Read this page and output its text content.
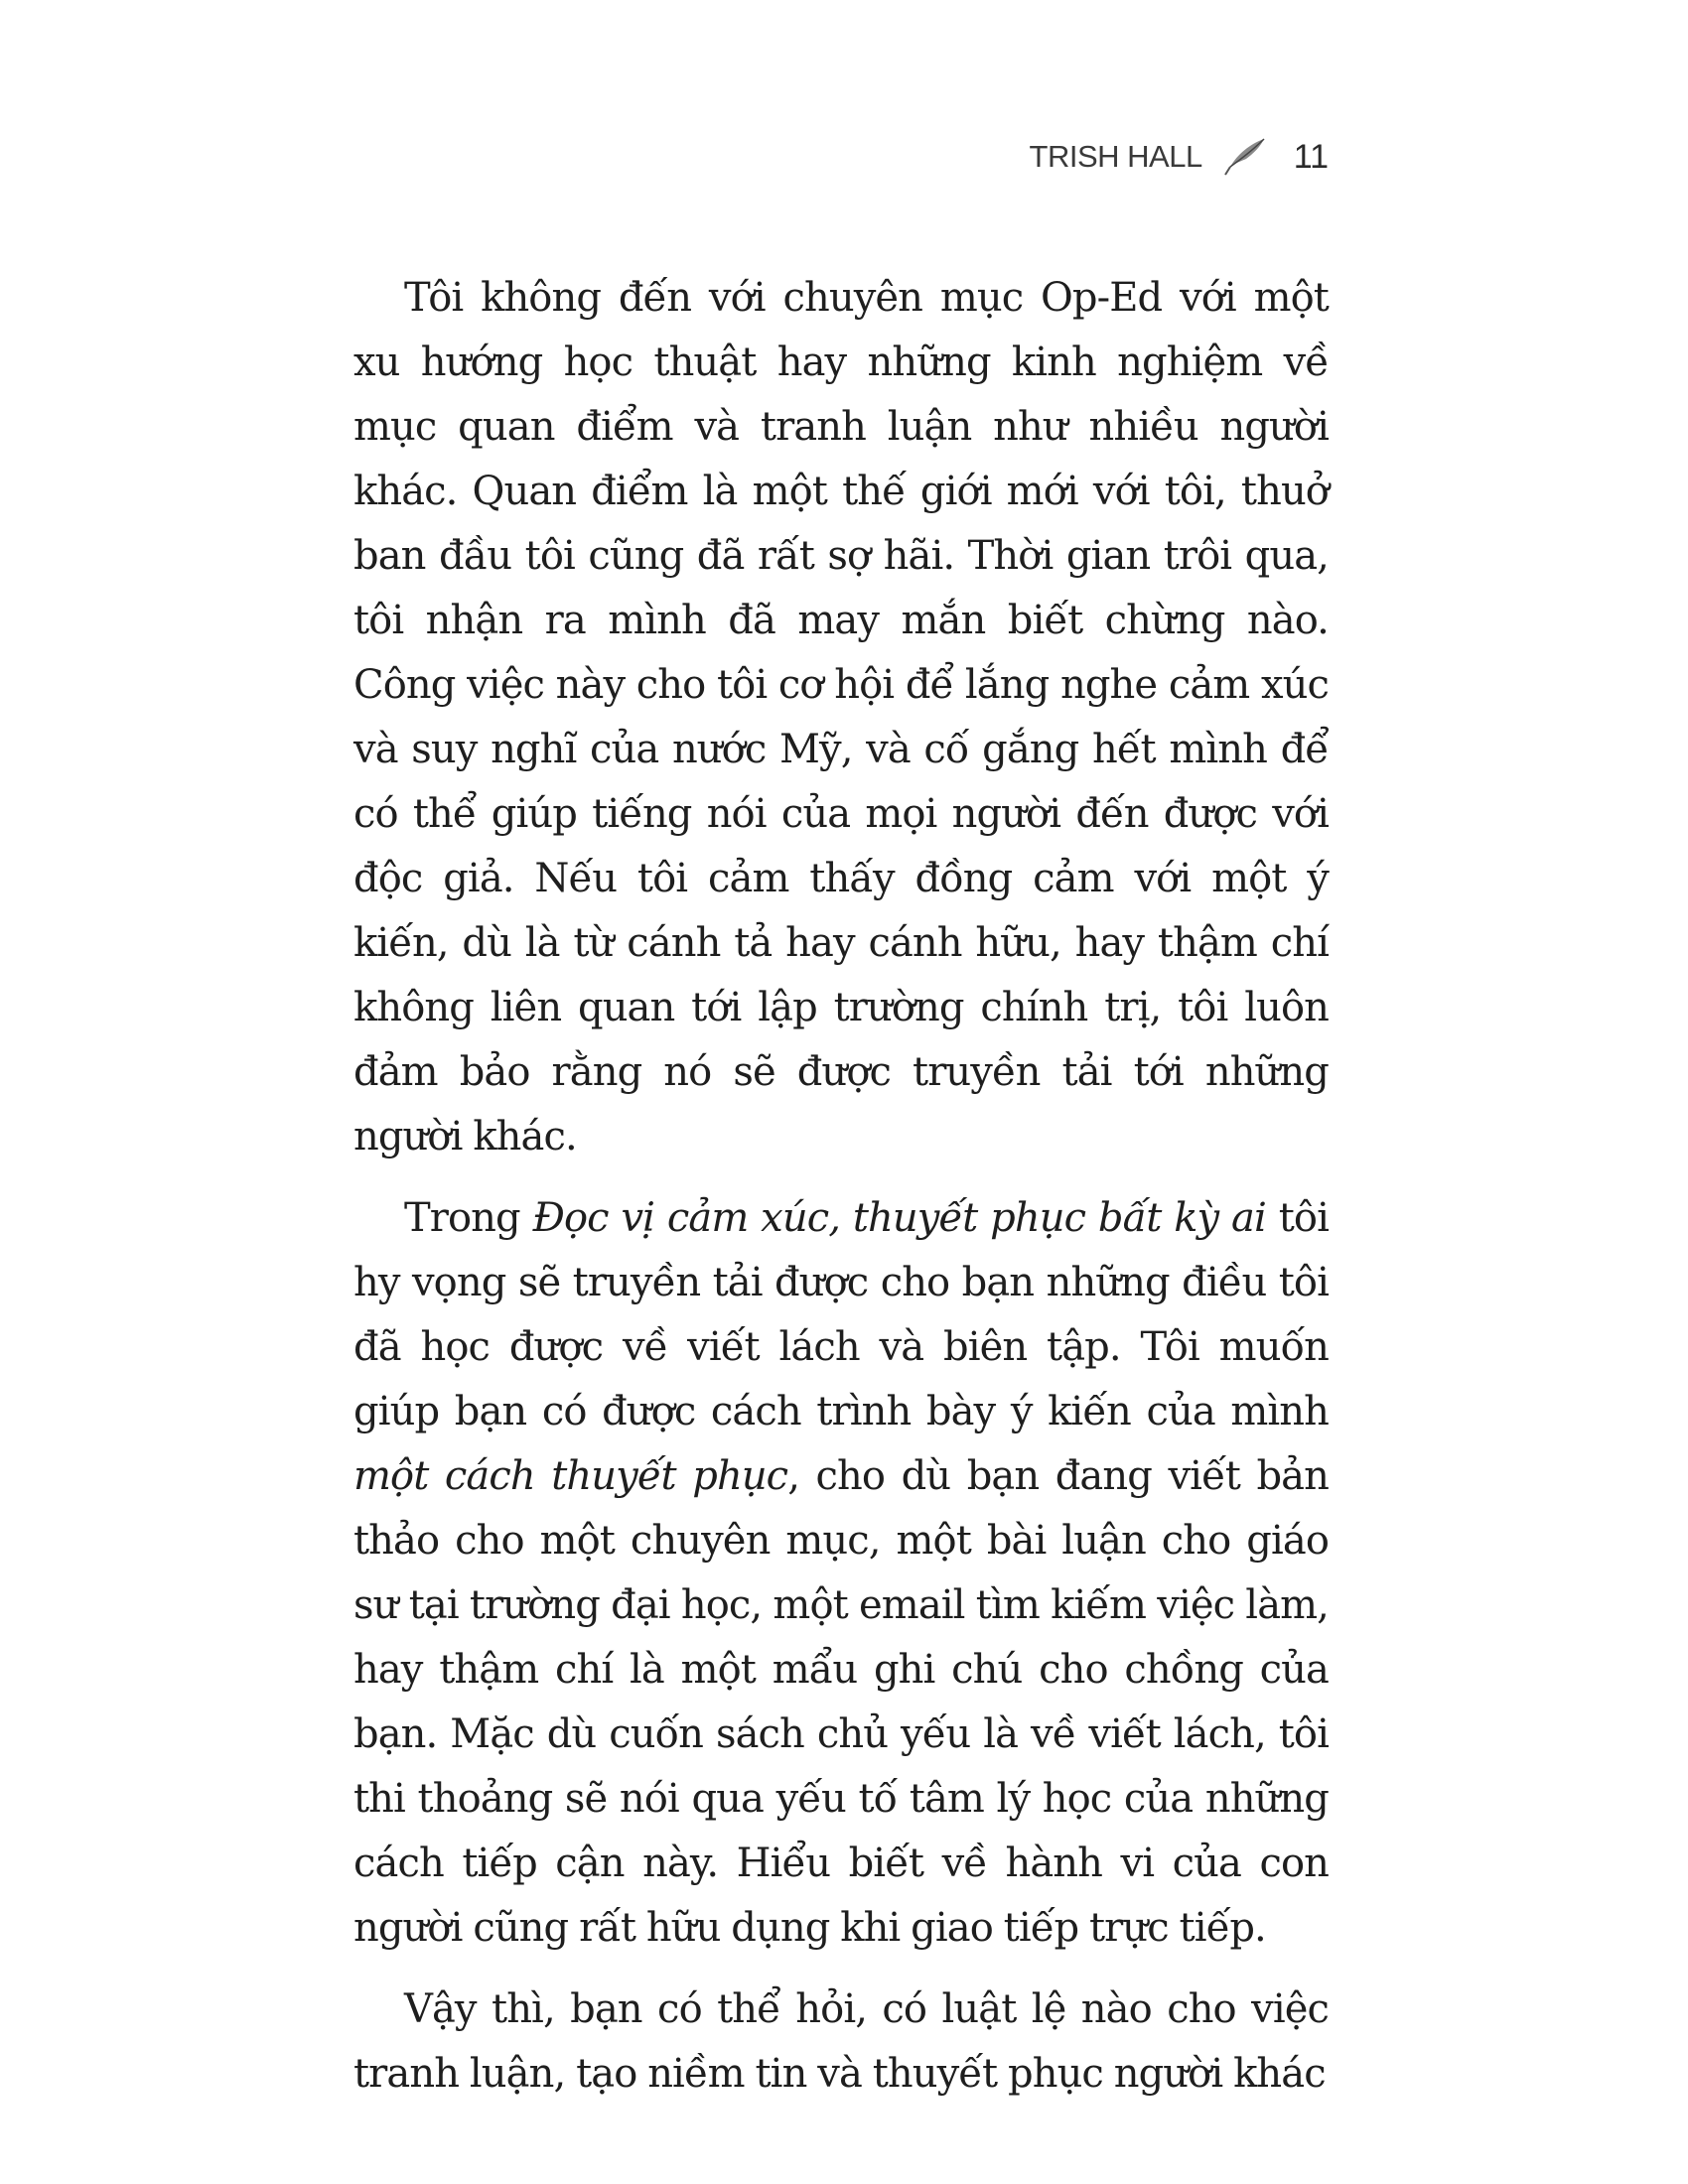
TRISH HALL	11

Tôi không đến với chuyên mục Op-Ed với một xu hướng học thuật hay những kinh nghiệm về mục quan điểm và tranh luận như nhiều người khác. Quan điểm là một thế giới mới với tôi, thuở ban đầu tôi cũng đã rất sợ hãi. Thời gian trôi qua, tôi nhận ra mình đã may mắn biết chừng nào. Công việc này cho tôi cơ hội để lắng nghe cảm xúc và suy nghĩ của nước Mỹ, và cố gắng hết mình để có thể giúp tiếng nói của mọi người đến được với độc giả. Nếu tôi cảm thấy đồng cảm với một ý kiến, dù là từ cánh tả hay cánh hữu, hay thậm chí không liên quan tới lập trường chính trị, tôi luôn đảm bảo rằng nó sẽ được truyền tải tới những người khác.

Trong Đọc vị cảm xúc, thuyết phục bất kỳ ai tôi hy vọng sẽ truyền tải được cho bạn những điều tôi đã học được về viết lách và biên tập. Tôi muốn giúp bạn có được cách trình bày ý kiến của mình một cách thuyết phục, cho dù bạn đang viết bản thảo cho một chuyên mục, một bài luận cho giáo sư tại trường đại học, một email tìm kiếm việc làm, hay thậm chí là một mẩu ghi chú cho chồng của bạn. Mặc dù cuốn sách chủ yếu là về viết lách, tôi thi thoảng sẽ nói qua yếu tố tâm lý học của những cách tiếp cận này. Hiểu biết về hành vi của con người cũng rất hữu dụng khi giao tiếp trực tiếp.

Vậy thì, bạn có thể hỏi, có luật lệ nào cho việc tranh luận, tạo niềm tin và thuyết phục người khác
